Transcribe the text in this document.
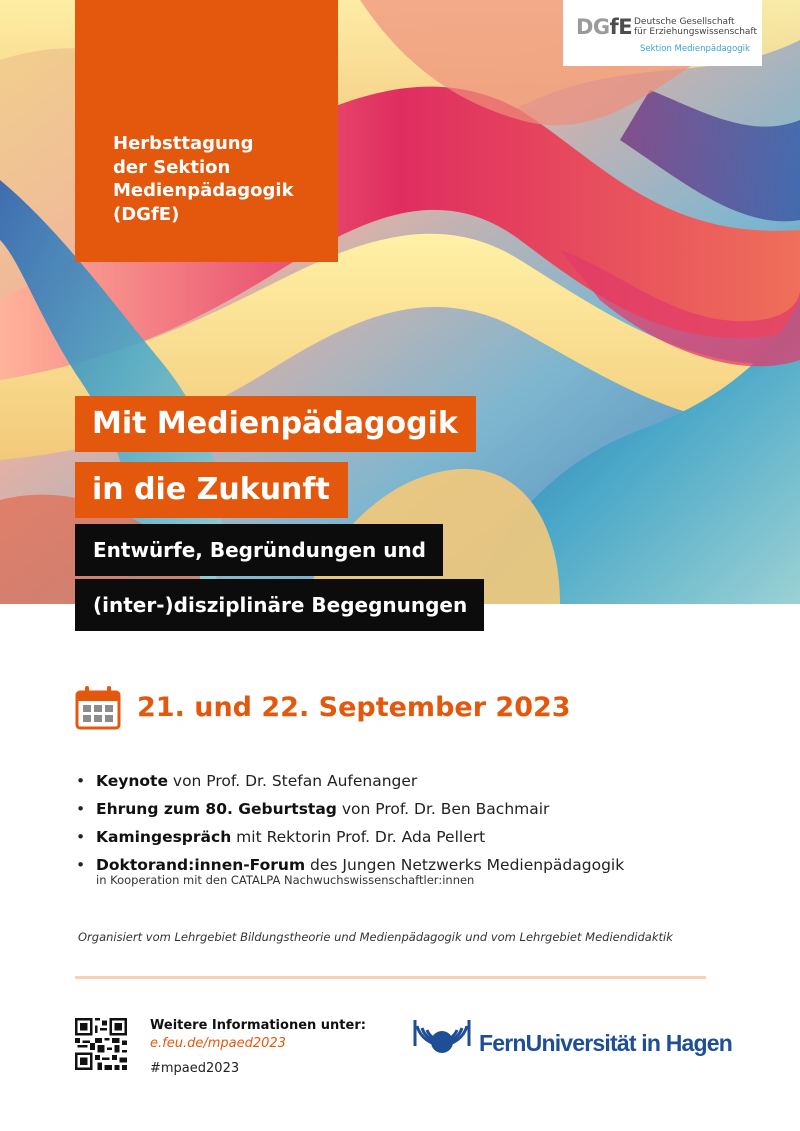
Herbsttagung
der Sektion
Medienpädagogik
(DGfE)
DGfE Deutsche Gesellschaft
für Erziehungswissenschaft
Sektion Medienpädagogik
Mit Medienpädagogik
in die Zukunft
Entwürfe, Begründungen und
(inter-)disziplinäre Begegnungen
21. und 22. September 2023
• Keynote von Prof. Dr. Stefan Aufenanger
• Ehrung zum 80. Geburtstag von Prof. Dr. Ben Bachmair
• Kamingespräch mit Rektorin Prof. Dr. Ada Pellert
• Doktorand:innen-Forum des Jungen Netzwerks Medienpädagogik
in Kooperation mit den CATALPA Nachwuchswissenschaftler:innen
Organisiert vom Lehrgebiet Bildungstheorie und Medienpädagogik und vom Lehrgebiet Mediendidaktik
Weitere Informationen unter:
e.feu.de/mpaed2023
#mpaed2023
FernUniversität in Hagen
